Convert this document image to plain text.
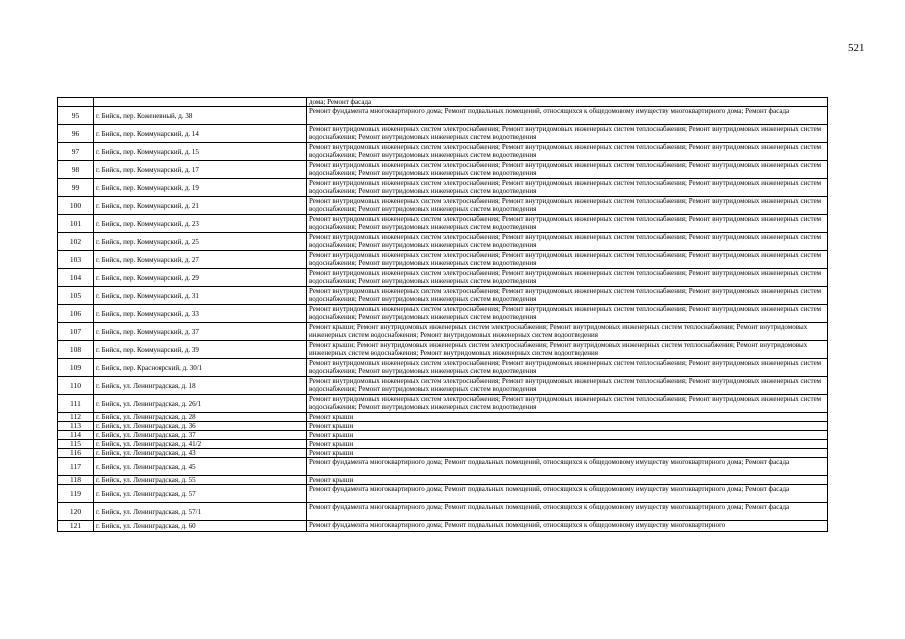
521
		дома; Ремонт фасада
95	г. Бийск, пер. Коженевный, д. 38	Ремонт фундамента многоквартирного дома; Ремонт подвальных помещений, относящихся к общедомовому имуществу многоквартирного дома; Ремонт фасада
96	г. Бийск, пер. Коммунарский, д. 14	Ремонт внутридомовых инженерных систем электроснабжения; Ремонт внутридомовых инженерных систем теплоснабжения; Ремонт внутридомовых инженерных систем водоснабжения; Ремонт внутридомовых инженерных систем водоотведения
97	г. Бийск, пер. Коммунарский, д. 15	Ремонт внутридомовых инженерных систем электроснабжения; Ремонт внутридомовых инженерных систем теплоснабжения; Ремонт внутридомовых инженерных систем водоснабжения; Ремонт внутридомовых инженерных систем водоотведения
98	г. Бийск, пер. Коммунарский, д. 17	Ремонт внутридомовых инженерных систем электроснабжения; Ремонт внутридомовых инженерных систем теплоснабжения; Ремонт внутридомовых инженерных систем водоснабжения; Ремонт внутридомовых инженерных систем водоотведения
99	г. Бийск, пер. Коммунарский, д. 19	Ремонт внутридомовых инженерных систем электроснабжения; Ремонт внутридомовых инженерных систем теплоснабжения; Ремонт внутридомовых инженерных систем водоснабжения; Ремонт внутридомовых инженерных систем водоотведения
100	г. Бийск, пер. Коммунарский, д. 21	Ремонт внутридомовых инженерных систем электроснабжения; Ремонт внутридомовых инженерных систем теплоснабжения; Ремонт внутридомовых инженерных систем водоснабжения; Ремонт внутридомовых инженерных систем водоотведения
101	г. Бийск, пер. Коммунарский, д. 23	Ремонт внутридомовых инженерных систем электроснабжения; Ремонт внутридомовых инженерных систем теплоснабжения; Ремонт внутридомовых инженерных систем водоснабжения; Ремонт внутридомовых инженерных систем водоотведения
102	г. Бийск, пер. Коммунарский, д. 25	Ремонт внутридомовых инженерных систем электроснабжения; Ремонт внутридомовых инженерных систем теплоснабжения; Ремонт внутридомовых инженерных систем водоснабжения; Ремонт внутридомовых инженерных систем водоотведения
103	г. Бийск, пер. Коммунарский, д. 27	Ремонт внутридомовых инженерных систем электроснабжения; Ремонт внутридомовых инженерных систем теплоснабжения; Ремонт внутридомовых инженерных систем водоснабжения; Ремонт внутридомовых инженерных систем водоотведения
104	г. Бийск, пер. Коммунарский, д. 29	Ремонт внутридомовых инженерных систем электроснабжения; Ремонт внутридомовых инженерных систем теплоснабжения; Ремонт внутридомовых инженерных систем водоснабжения; Ремонт внутридомовых инженерных систем водоотведения
105	г. Бийск, пер. Коммунарский, д. 31	Ремонт внутридомовых инженерных систем электроснабжения; Ремонт внутридомовых инженерных систем теплоснабжения; Ремонт внутридомовых инженерных систем водоснабжения; Ремонт внутридомовых инженерных систем водоотведения
106	г. Бийск, пер. Коммунарский, д. 33	Ремонт внутридомовых инженерных систем электроснабжения; Ремонт внутридомовых инженерных систем теплоснабжения; Ремонт внутридомовых инженерных систем водоснабжения; Ремонт внутридомовых инженерных систем водоотведения
107	г. Бийск, пер. Коммунарский, д. 37	Ремонт крыши; Ремонт внутридомовых инженерных систем электроснабжения; Ремонт внутридомовых инженерных систем теплоснабжения; Ремонт внутридомовых инженерных систем водоснабжения; Ремонт внутридомовых инженерных систем водоотведения
108	г. Бийск, пер. Коммунарский, д. 39	Ремонт крыши; Ремонт внутридомовых инженерных систем электроснабжения; Ремонт внутридомовых инженерных систем теплоснабжения; Ремонт внутридомовых инженерных систем водоснабжения; Ремонт внутридомовых инженерных систем водоотведения
109	г. Бийск, пер. Красноярский, д. 30/1	Ремонт внутридомовых инженерных систем электроснабжения; Ремонт внутридомовых инженерных систем теплоснабжения; Ремонт внутридомовых инженерных систем водоснабжения; Ремонт внутридомовых инженерных систем водоотведения
110	г. Бийск, ул. Ленинградская, д. 18	Ремонт внутридомовых инженерных систем электроснабжения; Ремонт внутридомовых инженерных систем теплоснабжения; Ремонт внутридомовых инженерных систем водоснабжения; Ремонт внутридомовых инженерных систем водоотведения
111	г. Бийск, ул. Ленинградская, д. 26/1	Ремонт внутридомовых инженерных систем электроснабжения; Ремонт внутридомовых инженерных систем теплоснабжения; Ремонт внутридомовых инженерных систем водоснабжения; Ремонт внутридомовых инженерных систем водоотведения
112	г. Бийск, ул. Ленинградская, д. 28	Ремонт крыши
113	г. Бийск, ул. Ленинградская, д. 36	Ремонт крыши
114	г. Бийск, ул. Ленинградская, д. 37	Ремонт крыши
115	г. Бийск, ул. Ленинградская, д. 41/2	Ремонт крыши
116	г. Бийск, ул. Ленинградская, д. 43	Ремонт крыши
117	г. Бийск, ул. Ленинградская, д. 45	Ремонт фундамента многоквартирного дома; Ремонт подвальных помещений, относящихся к общедомовому имуществу многоквартирного дома; Ремонт фасада
118	г. Бийск, ул. Ленинградская, д. 55	Ремонт крыши
119	г. Бийск, ул. Ленинградская, д. 57	Ремонт фундамента многоквартирного дома; Ремонт подвальных помещений, относящихся к общедомовому имуществу многоквартирного дома; Ремонт фасада
120	г. Бийск, ул. Ленинградская, д. 57/1	Ремонт фундамента многоквартирного дома; Ремонт подвальных помещений, относящихся к общедомовому имуществу многоквартирного дома; Ремонт фасада
121	г. Бийск, ул. Ленинградская, д. 60	Ремонт фундамента многоквартирного дома; Ремонт подвальных помещений, относящихся к общедомовому имуществу многоквартирного
